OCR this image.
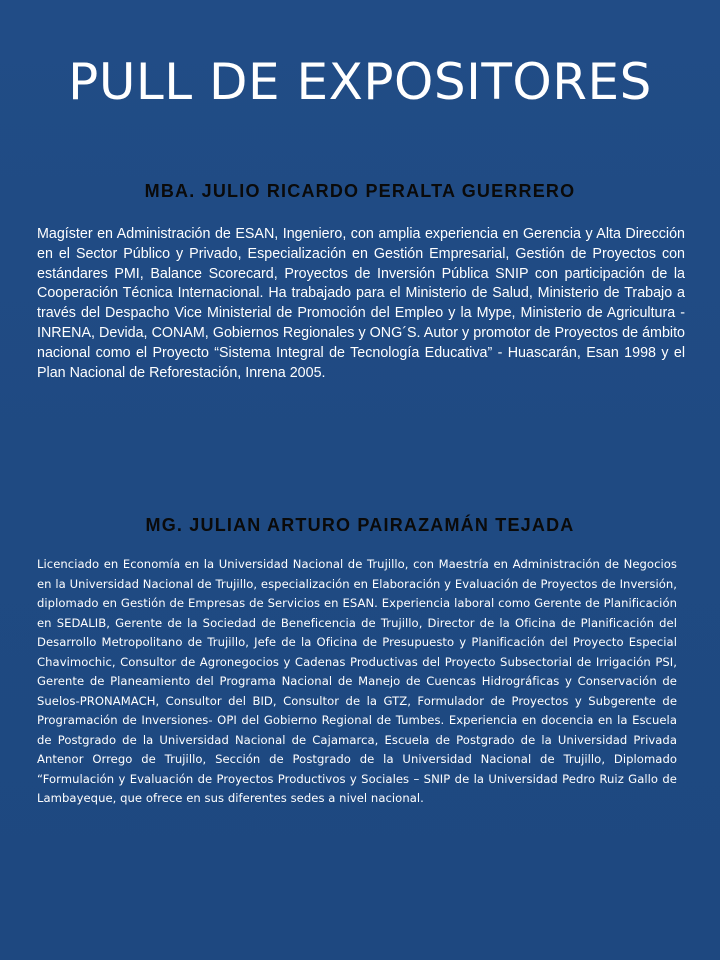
PULL DE EXPOSITORES
MBA. JULIO RICARDO PERALTA GUERRERO

Magíster en Administración de ESAN, Ingeniero, con amplia experiencia en Gerencia y Alta Dirección en el Sector Público y Privado, Especialización en Gestión Empresarial, Gestión de Proyectos con estándares PMI, Balance Scorecard, Proyectos de Inversión Pública SNIP con participación de la Cooperación Técnica Internacional. Ha trabajado para el Ministerio de Salud, Ministerio de Trabajo a través del Despacho Vice Ministerial de Promoción del Empleo y la Mype, Ministerio de Agricultura - INRENA, Devida, CONAM, Gobiernos Regionales y ONG´S. Autor y promotor de Proyectos de ámbito nacional como el Proyecto “Sistema Integral de Tecnología Educativa” - Huascarán, Esan 1998 y el Plan Nacional de Reforestación, Inrena 2005.

MG. JULIAN ARTURO PAIRAZAMÁN TEJADA

Licenciado en Economía en la Universidad Nacional de Trujillo, con Maestría en Administración de Negocios en la Universidad Nacional de Trujillo, especialización en Elaboración y Evaluación de Proyectos de Inversión, diplomado en Gestión de Empresas de Servicios en ESAN. Experiencia laboral como Gerente de Planificación en SEDALIB, Gerente de la Sociedad de Beneficencia de Trujillo, Director de la Oficina de Planificación del Desarrollo Metropolitano de Trujillo, Jefe de la Oficina de Presupuesto y Planificación del Proyecto Especial Chavimochic, Consultor de Agronegocios y Cadenas Productivas del Proyecto Subsectorial de Irrigación PSI, Gerente de Planeamiento del Programa Nacional de Manejo de Cuencas Hidrográficas y Conservación de Suelos-PRONAMACH, Consultor del BID, Consultor de la GTZ, Formulador de Proyectos y Subgerente de Programación de Inversiones- OPI del Gobierno Regional de Tumbes. Experiencia en docencia en la Escuela de Postgrado de la Universidad Nacional de Cajamarca, Escuela de Postgrado de la Universidad Privada Antenor Orrego de Trujillo, Sección de Postgrado de la Universidad Nacional de Trujillo, Diplomado “Formulación y Evaluación de Proyectos Productivos y Sociales – SNIP de la Universidad Pedro Ruiz Gallo de Lambayeque, que ofrece en sus diferentes sedes a nivel nacional.
